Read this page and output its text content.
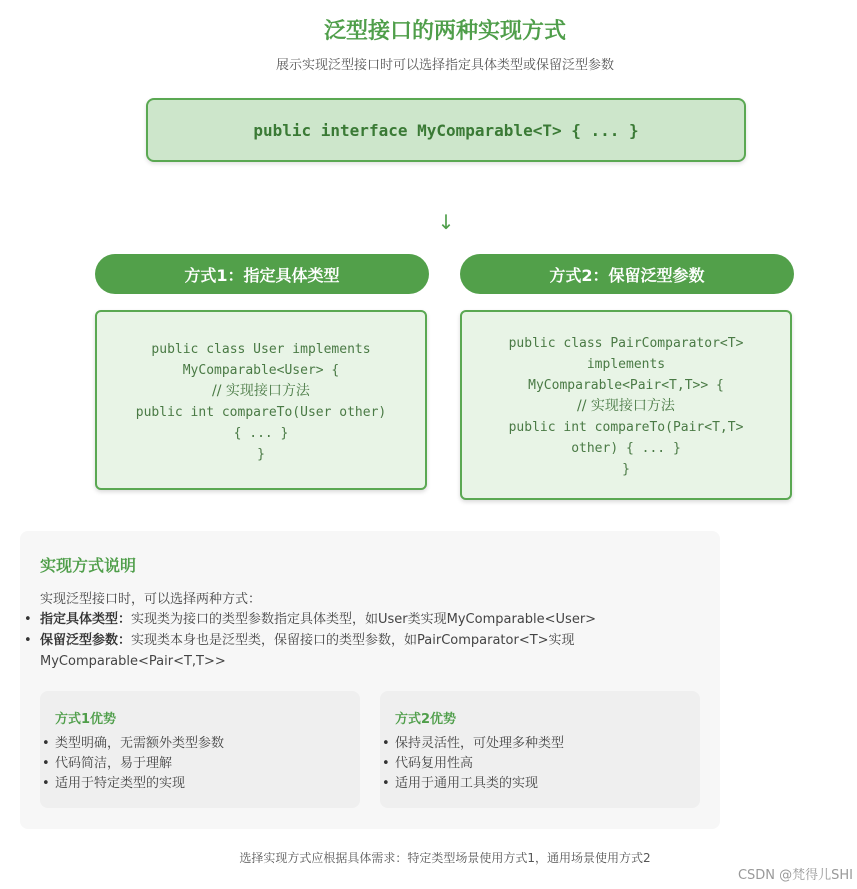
泛型接口的两种实现方式
展示实现泛型接口时可以选择指定具体类型或保留泛型参数
public interface MyComparable<T> { ... }
↓
方式1：指定具体类型	方式2：保留泛型参数
public class User implements
MyComparable<User> {
// 实现接口方法
public int compareTo(User other)
{ ... }
}
public class PairComparator<T>
implements
MyComparable<Pair<T,T>> {
// 实现接口方法
public int compareTo(Pair<T,T>
other) { ... }
}
实现方式说明
实现泛型接口时，可以选择两种方式：
• 指定具体类型：实现类为接口的类型参数指定具体类型，如User类实现MyComparable<User>
• 保留泛型参数：实现类本身也是泛型类，保留接口的类型参数，如PairComparator<T>实现MyComparable<Pair<T,T>>
方式1优势
• 类型明确，无需额外类型参数
• 代码简洁，易于理解
• 适用于特定类型的实现
方式2优势
• 保持灵活性，可处理多种类型
• 代码复用性高
• 适用于通用工具类的实现
选择实现方式应根据具体需求：特定类型场景使用方式1，通用场景使用方式2
CSDN @梵得儿SHI
